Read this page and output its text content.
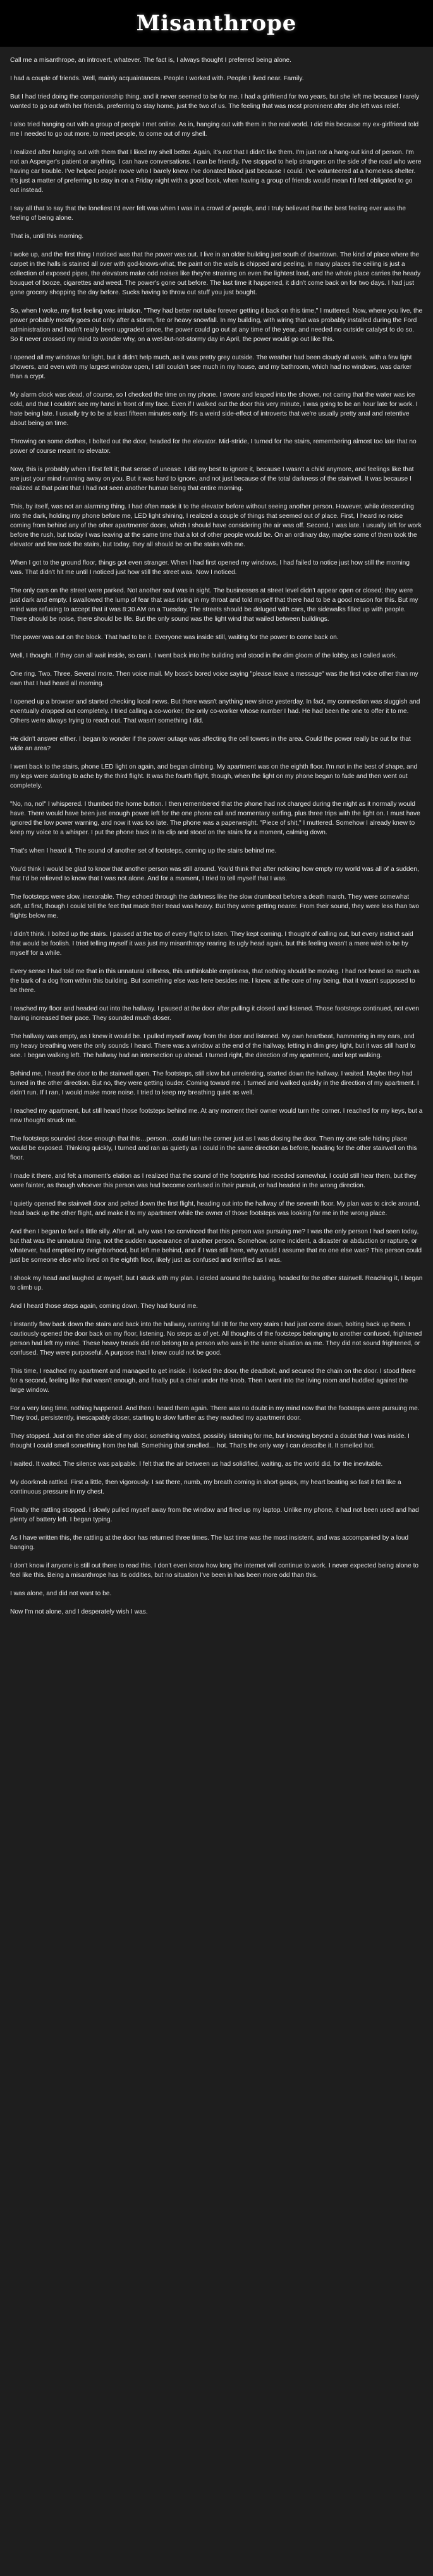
Misanthrope

Call me a misanthrope, an introvert, whatever. The fact is, I always thought I preferred being alone.

I had a couple of friends. Well, mainly acquaintances. People I worked with. People I lived near. Family.

But I had tried doing the companionship thing, and it never seemed to be for me. I had a girlfriend for two years, but she left me because I rarely wanted to go out with her friends, preferring to stay home, just the two of us. The feeling that was most prominent after she left was relief.

I also tried hanging out with a group of people I met online. As in, hanging out with them in the real world. I did this because my ex-girlfriend told me I needed to go out more, to meet people, to come out of my shell.

I realized after hanging out with them that I liked my shell better. Again, it's not that I didn't like them. I'm just not a hang-out kind of person. I'm not an Asperger's patient or anything. I can have conversations. I can be friendly. I've stopped to help strangers on the side of the road who were having car trouble. I've helped people move who I barely knew. I've donated blood just because I could. I've volunteered at a homeless shelter. It's just a matter of preferring to stay in on a Friday night with a good book, when having a group of friends would mean I'd feel obligated to go out instead.

I say all that to say that the loneliest I'd ever felt was when I was in a crowd of people, and I truly believed that the best feeling ever was the feeling of being alone.

That is, until this morning.

I woke up, and the first thing I noticed was that the power was out. I live in an older building just south of downtown. The kind of place where the carpet in the halls is stained all over with god-knows-what, the paint on the walls is chipped and peeling, in many places the ceiling is just a collection of exposed pipes, the elevators make odd noises like they're straining on even the lightest load, and the whole place carries the heady bouquet of booze, cigarettes and weed. The power's gone out before. The last time it happened, it didn't come back on for two days. I had just gone grocery shopping the day before. Sucks having to throw out stuff you just bought.

So, when I woke, my first feeling was irritation. "They had better not take forever getting it back on this time," I muttered. Now, where you live, the power probably mostly goes out only after a storm, fire or heavy snowfall. In my building, with wiring that was probably installed during the Ford administration and hadn't really been upgraded since, the power could go out at any time of the year, and needed no outside catalyst to do so. So it never crossed my mind to wonder why, on a wet-but-not-stormy day in April, the power would go out like this.

I opened all my windows for light, but it didn't help much, as it was pretty grey outside. The weather had been cloudy all week, with a few light showers, and even with my largest window open, I still couldn't see much in my house, and my bathroom, which had no windows, was darker than a crypt.

My alarm clock was dead, of course, so I checked the time on my phone. I swore and leaped into the shower, not caring that the water was ice cold, and that I couldn't see my hand in front of my face. Even if I walked out the door this very minute, I was going to be an hour late for work. I hate being late. I usually try to be at least fifteen minutes early. It's a weird side-effect of introverts that we're usually pretty anal and retentive about being on time.

Throwing on some clothes, I bolted out the door, headed for the elevator. Mid-stride, I turned for the stairs, remembering almost too late that no power of course meant no elevator.

Now, this is probably when I first felt it; that sense of unease. I did my best to ignore it, because I wasn't a child anymore, and feelings like that are just your mind running away on you. But it was hard to ignore, and not just because of the total darkness of the stairwell. It was because I realized at that point that I had not seen another human being that entire morning.

This, by itself, was not an alarming thing. I had often made it to the elevator before without seeing another person. However, while descending into the dark, holding my phone before me, LED light shining, I realized a couple of things that seemed out of place. First, I heard no noise coming from behind any of the other apartments' doors, which I should have considering the air was off. Second, I was late. I usually left for work before the rush, but today I was leaving at the same time that a lot of other people would be. On an ordinary day, maybe some of them took the elevator and few took the stairs, but today, they all should be on the stairs with me.

When I got to the ground floor, things got even stranger. When I had first opened my windows, I had failed to notice just how still the morning was. That didn't hit me until I noticed just how still the street was. Now I noticed.

The only cars on the street were parked. Not another soul was in sight. The businesses at street level didn't appear open or closed; they were just dark and empty. I swallowed the lump of fear that was rising in my throat and told myself that there had to be a good reason for this. But my mind was refusing to accept that it was 8:30 AM on a Tuesday. The streets should be deluged with cars, the sidewalks filled up with people. There should be noise, there should be life. But the only sound was the light wind that wailed between buildings.

The power was out on the block. That had to be it. Everyone was inside still, waiting for the power to come back on.

Well, I thought. If they can all wait inside, so can I. I went back into the building and stood in the dim gloom of the lobby, as I called work.

One ring. Two. Three. Several more. Then voice mail. My boss's bored voice saying "please leave a message" was the first voice other than my own that I had heard all morning.

I opened up a browser and started checking local news. But there wasn't anything new since yesterday. In fact, my connection was sluggish and eventually dropped out completely. I tried calling a co-worker, the only co-worker whose number I had. He had been the one to offer it to me. Others were always trying to reach out. That wasn't something I did.

He didn't answer either. I began to wonder if the power outage was affecting the cell towers in the area. Could the power really be out for that wide an area?

I went back to the stairs, phone LED light on again, and began climbing. My apartment was on the eighth floor. I'm not in the best of shape, and my legs were starting to ache by the third flight. It was the fourth flight, though, when the light on my phone began to fade and then went out completely.

"No, no, no!" I whispered. I thumbed the home button. I then remembered that the phone had not charged during the night as it normally would have. There would have been just enough power left for the one phone call and momentary surfing, plus three trips with the light on. I must have ignored the low power warning, and now it was too late. The phone was a paperweight. "Piece of shit," I muttered. Somehow I already knew to keep my voice to a whisper. I put the phone back in its clip and stood on the stairs for a moment, calming down.

That's when I heard it. The sound of another set of footsteps, coming up the stairs behind me.

You'd think I would be glad to know that another person was still around. You'd think that after noticing how empty my world was all of a sudden, that I'd be relieved to know that I was not alone. And for a moment, I tried to tell myself that I was.

The footsteps were slow, inexorable. They echoed through the darkness like the slow drumbeat before a death march. They were somewhat soft, at first, though I could tell the feet that made their tread was heavy. But they were getting nearer. From their sound, they were less than two flights below me.

I didn't think. I bolted up the stairs. I paused at the top of every flight to listen. They kept coming. I thought of calling out, but every instinct said that would be foolish. I tried telling myself it was just my misanthropy rearing its ugly head again, but this feeling wasn't a mere wish to be by myself for a while.

Every sense I had told me that in this unnatural stillness, this unthinkable emptiness, that nothing should be moving. I had not heard so much as the bark of a dog from within this building. But something else was here besides me. I knew, at the core of my being, that it wasn't supposed to be there.

I reached my floor and headed out into the hallway. I paused at the door after pulling it closed and listened. Those footsteps continued, not even having increased their pace. They sounded much closer.

The hallway was empty, as I knew it would be. I pulled myself away from the door and listened. My own heartbeat, hammering in my ears, and my heavy breathing were the only sounds I heard. There was a window at the end of the hallway, letting in dim grey light, but it was still hard to see. I began walking left. The hallway had an intersection up ahead. I turned right, the direction of my apartment, and kept walking.

Behind me, I heard the door to the stairwell open. The footsteps, still slow but unrelenting, started down the hallway. I waited. Maybe they had turned in the other direction. But no, they were getting louder. Coming toward me. I turned and walked quickly in the direction of my apartment. I didn't run. If I ran, I would make more noise. I tried to keep my breathing quiet as well.

I reached my apartment, but still heard those footsteps behind me. At any moment their owner would turn the corner. I reached for my keys, but a new thought struck me.

The footsteps sounded close enough that this…person…could turn the corner just as I was closing the door. Then my one safe hiding place would be exposed. Thinking quickly, I turned and ran as quietly as I could in the same direction as before, heading for the other stairwell on this floor.

I made it there, and felt a moment's elation as I realized that the sound of the footprints had receded somewhat. I could still hear them, but they were fainter, as though whoever this person was had become confused in their pursuit, or had headed in the wrong direction.

I quietly opened the stairwell door and pelted down the first flight, heading out into the hallway of the seventh floor. My plan was to circle around, head back up the other flight, and make it to my apartment while the owner of those footsteps was looking for me in the wrong place.

And then I began to feel a little silly. After all, why was I so convinced that this person was pursuing me? I was the only person I had seen today, but that was the unnatural thing, not the sudden appearance of another person. Somehow, some incident, a disaster or abduction or rapture, or whatever, had emptied my neighborhood, but left me behind, and if I was still here, why would I assume that no one else was? This person could just be someone else who lived on the eighth floor, likely just as confused and terrified as I was.

I shook my head and laughed at myself, but I stuck with my plan. I circled around the building, headed for the other stairwell. Reaching it, I began to climb up.

And I heard those steps again, coming down. They had found me.

I instantly flew back down the stairs and back into the hallway, running full tilt for the very stairs I had just come down, bolting back up them. I cautiously opened the door back on my floor, listening. No steps as of yet. All thoughts of the footsteps belonging to another confused, frightened person had left my mind. These heavy treads did not belong to a person who was in the same situation as me. They did not sound frightened, or confused. They were purposeful. A purpose that I knew could not be good.

This time, I reached my apartment and managed to get inside. I locked the door, the deadbolt, and secured the chain on the door. I stood there for a second, feeling like that wasn't enough, and finally put a chair under the knob. Then I went into the living room and huddled against the large window.

For a very long time, nothing happened. And then I heard them again. There was no doubt in my mind now that the footsteps were pursuing me. They trod, persistently, inescapably closer, starting to slow further as they reached my apartment door.

They stopped. Just on the other side of my door, something waited, possibly listening for me, but knowing beyond a doubt that I was inside. I thought I could smell something from the hall. Something that smelled… hot. That's the only way I can describe it. It smelled hot.

I waited. It waited. The silence was palpable. I felt that the air between us had solidified, waiting, as the world did, for the inevitable.

My doorknob rattled. First a little, then vigorously. I sat there, numb, my breath coming in short gasps, my heart beating so fast it felt like a continuous pressure in my chest.

Finally the rattling stopped. I slowly pulled myself away from the window and fired up my laptop. Unlike my phone, it had not been used and had plenty of battery left. I began typing.

As I have written this, the rattling at the door has returned three times. The last time was the most insistent, and was accompanied by a loud banging.

I don't know if anyone is still out there to read this. I don't even know how long the internet will continue to work. I never expected being alone to feel like this. Being a misanthrope has its oddities, but no situation I've been in has been more odd than this.

I was alone, and did not want to be.

Now I'm not alone, and I desperately wish I was.
